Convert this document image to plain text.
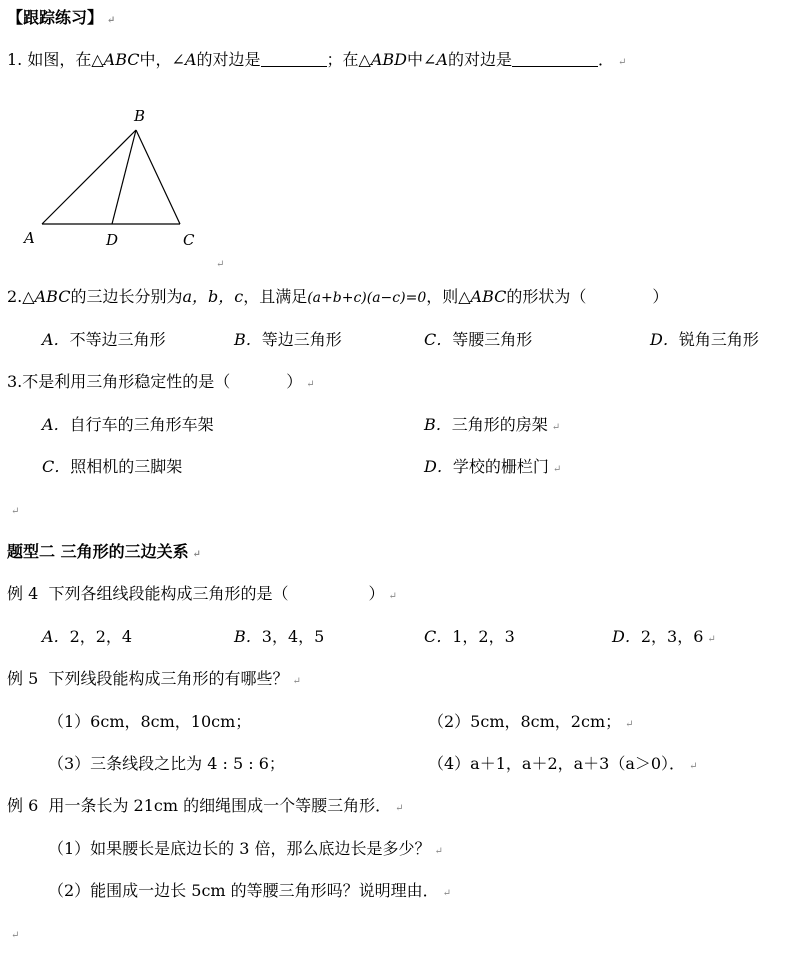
【跟踪练习】 ↵
1. 如图，在△ABC中，∠A的对边是	；在△ABD中∠A的对边是	． ↵
B
A	D	C
↵
2.△ABC的三边长分别为a，b，c，且满足(a+b+c)(a−c)=0，则△ABC的形状为（	）
A．不等边三角形	B．等边三角形	C．等腰三角形	D．锐角三角形
3.不是利用三角形稳定性的是（	） ↵
A．自行车的三角形车架	B．三角形的房架 ↵
C．照相机的三脚架	D．学校的栅栏门 ↵
↵
题型二 三角形的三边关系 ↵
例 4 下列各组线段能构成三角形的是（	） ↵
A．2，2，4	B．3，4，5	C．1，2，3	D．2，3，6 ↵
例 5 下列线段能构成三角形的有哪些？ ↵
（1）6cm，8cm，10cm；	（2）5cm，8cm，2cm； ↵
（3）三条线段之比为 4 : 5 : 6；	（4）a＋1，a＋2，a＋3（a＞0）． ↵
例 6 用一条长为 21cm 的细绳围成一个等腰三角形． ↵
（1）如果腰长是底边长的 3 倍，那么底边长是多少？ ↵
（2）能围成一边长 5cm 的等腰三角形吗？说明理由． ↵
↵
